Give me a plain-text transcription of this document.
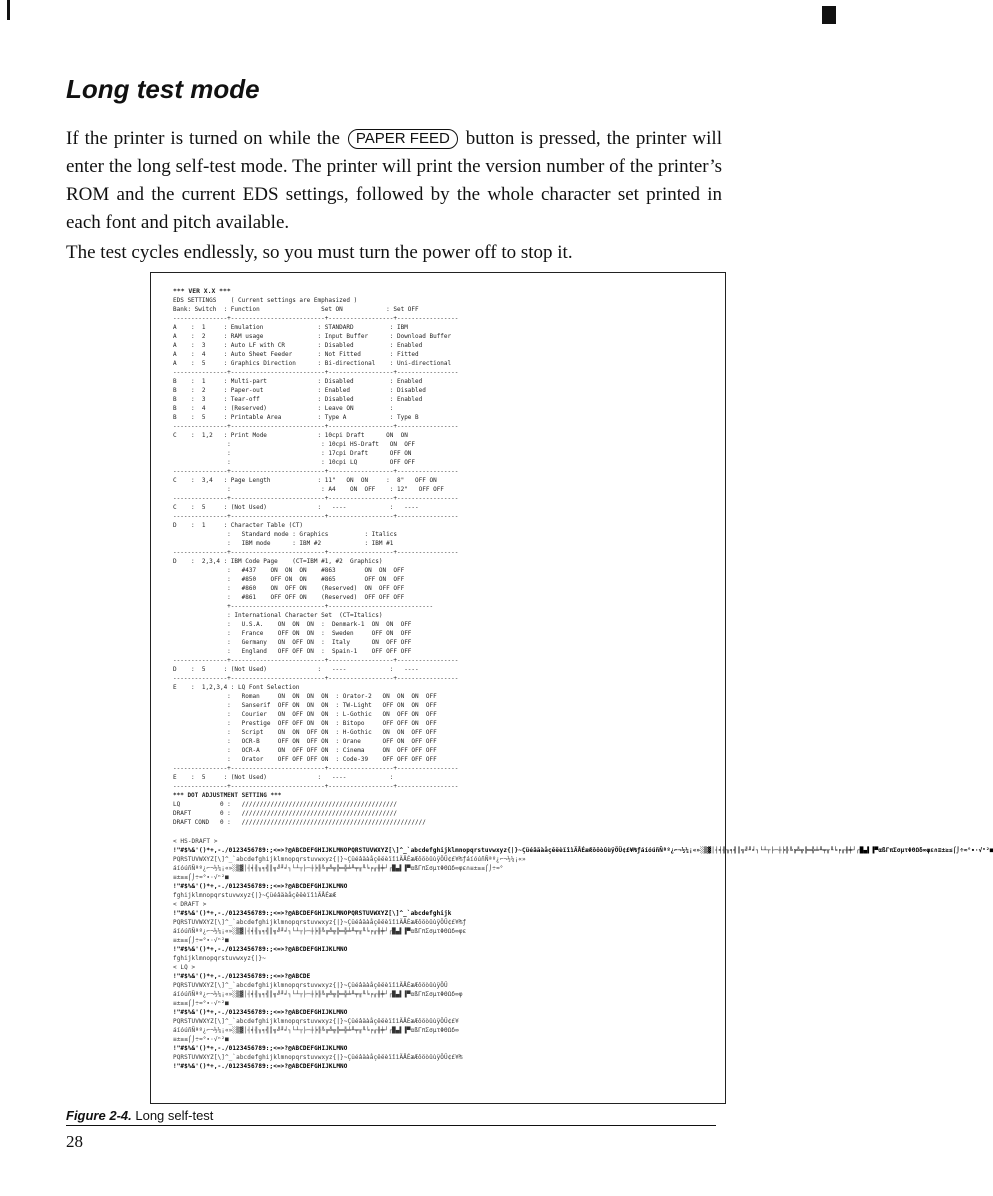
Long test mode

If the printer is turned on while the PAPER FEED button is pressed, the printer will enter the long self-test mode. The printer will print the version number of the printer’s ROM and the current EDS settings, followed by the whole character set printed in each font and pitch available.

The test cycles endlessly, so you must turn the power off to stop it.

*** VER X.X ***
EDS SETTINGS    ( Current settings are Emphasized )
Bank: Switch  : Function                 Set ON            : Set OFF
---------------+--------------------------+------------------+-----------------
A    :  1     : Emulation               : STANDARD          : IBM
A    :  2     : RAM usage               : Input Buffer      : Download Buffer
A    :  3     : Auto LF with CR         : Disabled          : Enabled
A    :  4     : Auto Sheet Feeder       : Not Fitted        : Fitted
A    :  5     : Graphics Direction      : Bi-directional    : Uni-directional
---------------+--------------------------+------------------+-----------------
B    :  1     : Multi-part              : Disabled          : Enabled
B    :  2     : Paper-out               : Enabled           : Disabled
B    :  3     : Tear-off                : Disabled          : Enabled
B    :  4     : (Reserved)              : Leave ON          :
B    :  5     : Printable Area          : Type A            : Type B
---------------+--------------------------+------------------+-----------------
C    :  1,2   : Print Mode              : 10cpi Draft      ON  ON
:                         : 10cpi HS-Draft   ON  OFF
:                         : 17cpi Draft      OFF ON
:                         : 10cpi LQ         OFF OFF
---------------+--------------------------+------------------+-----------------
C    :  3,4   : Page Length             : 11"   ON  ON     :  8"   OFF ON
:                         : A4    ON  OFF    : 12"   OFF OFF
---------------+--------------------------+------------------+-----------------
C    :  5     : (Not Used)              :   ----            :   ----
---------------+--------------------------+------------------+-----------------
D    :  1     : Character Table (CT)
:   Standard mode : Graphics          : Italics
:   IBM mode      : IBM #2            : IBM #1
---------------+--------------------------+------------------+-----------------
D    :  2,3,4 : IBM Code Page    (CT=IBM #1, #2  Graphics)
:   #437    ON  ON  ON    #863        ON  ON  OFF
:   #850    OFF ON  ON    #865        OFF ON  OFF
:   #860    ON  OFF ON    (Reserved)  ON  OFF OFF
:   #861    OFF OFF ON    (Reserved)  OFF OFF OFF
+--------------------------+-----------------------------
: International Character Set  (CT=Italics)
:   U.S.A.    ON  ON  ON  :  Denmark-1  ON  ON  OFF
:   France    OFF ON  ON  :  Sweden     OFF ON  OFF
:   Germany   ON  OFF ON  :  Italy      ON  OFF OFF
:   England   OFF OFF ON  :  Spain-1    OFF OFF OFF
---------------+--------------------------+------------------+-----------------
D    :  5     : (Not Used)              :   ----            :   ----
---------------+--------------------------+------------------+-----------------
E    :  1,2,3,4 : LQ Font Selection
:   Roman     ON  ON  ON  ON  : Orator-2   ON  ON  ON  OFF
:   Sanserif  OFF ON  ON  ON  : TW-Light   OFF ON  ON  OFF
:   Courier   ON  OFF ON  ON  : L-Gothic   ON  OFF ON  OFF
:   Prestige  OFF OFF ON  ON  : Bitopo     OFF OFF ON  OFF
:   Script    ON  ON  OFF ON  : H-Gothic   ON  ON  OFF OFF
:   OCR-B     OFF ON  OFF ON  : Orane      OFF ON  OFF OFF
:   OCR-A     ON  OFF OFF ON  : Cinema     ON  OFF OFF OFF
:   Orator    OFF OFF OFF ON  : Code-39    OFF OFF OFF OFF
---------------+--------------------------+------------------+-----------------
E    :  5     : (Not Used)              :   ----            :
---------------+--------------------------+------------------+-----------------
*** DOT ADJUSTMENT SETTING ***
LQ           0 :   ///////////////////////////////////////////
DRAFT        0 :   ///////////////////////////////////////////
DRAFT COND   0 :   ///////////////////////////////////////////////////
< HS-DRAFT >
!"#$%&'()*+,-./0123456789:;<=>?@ABCDEFGHIJKLMNOPQRSTUVWXYZ[\]^_`abcdefghijklmnopqrstuvwxyz{|}~ÇüéâäàåçêëèïîìÄÅÉæÆôöòûùÿÖÜ¢£¥₧ƒáíóúñÑªº¿⌐¬½¼¡«»░▒▓│┤╡╢╖╕╣║╗╝╜╛┐└┴┬├─┼╞╟╚╔╩╦╠═╬╧╨╤╥╙╘╒╓╫╪┘┌█▄▌▐▀αßΓπΣσµτΦΘΩδ∞φε∩≡±≥≤⌠⌡÷≈°∙·√ⁿ²■
PQRSTUVWXYZ[\]^_`abcdefghijklmnopqrstuvwxyz{|}~ÇüéâäàåçêëèïîìÄÅÉæÆôöòûùÿÖÜ¢£¥₧ƒáíóúñÑªº¿⌐¬½¼¡«»
áíóúñÑªº¿⌐¬½¼¡«»░▒▓│┤╡╢╖╕╣║╗╝╜╛┐└┴┬├─┼╞╟╚╔╩╦╠═╬╧╨╤╥╙╘╒╓╫╪┘┌█▄▌▐▀αßΓπΣσµτΦΘΩδ∞φε∩≡±≥≤⌠⌡÷≈°
≡±≥≤⌠⌡÷≈°∙·√ⁿ²■
!"#$%&'()*+,-./0123456789:;<=>?@ABCDEFGHIJKLMNO
fghijklmnopqrstuvwxyz{|}~ÇüéâäàåçêëèïîìÄÅÉæÆ
< DRAFT >
!"#$%&'()*+,-./0123456789:;<=>?@ABCDEFGHIJKLMNOPQRSTUVWXYZ[\]^_`abcdefghijk
PQRSTUVWXYZ[\]^_`abcdefghijklmnopqrstuvwxyz{|}~ÇüéâäàåçêëèïîìÄÅÉæÆôöòûùÿÖÜ¢£¥₧ƒ
áíóúñÑªº¿⌐¬½¼¡«»░▒▓│┤╡╢╖╕╣║╗╝╜╛┐└┴┬├─┼╞╟╚╔╩╦╠═╬╧╨╤╥╙╘╒╓╫╪┘┌█▄▌▐▀αßΓπΣσµτΦΘΩδ∞φε
≡±≥≤⌠⌡÷≈°∙·√ⁿ²■
!"#$%&'()*+,-./0123456789:;<=>?@ABCDEFGHIJKLMNO
fghijklmnopqrstuvwxyz{|}~
< LQ >
!"#$%&'()*+,-./0123456789:;<=>?@ABCDE
PQRSTUVWXYZ[\]^_`abcdefghijklmnopqrstuvwxyz{|}~ÇüéâäàåçêëèïîìÄÅÉæÆôöòûùÿÖÜ
áíóúñÑªº¿⌐¬½¼¡«»░▒▓│┤╡╢╖╕╣║╗╝╜╛┐└┴┬├─┼╞╟╚╔╩╦╠═╬╧╨╤╥╙╘╒╓╫╪┘┌█▄▌▐▀αßΓπΣσµτΦΘΩδ∞φ
≡±≥≤⌠⌡÷≈°∙·√ⁿ²■
!"#$%&'()*+,-./0123456789:;<=>?@ABCDEFGHIJKLMNO
PQRSTUVWXYZ[\]^_`abcdefghijklmnopqrstuvwxyz{|}~ÇüéâäàåçêëèïîìÄÅÉæÆôöòûùÿÖÜ¢£¥
áíóúñÑªº¿⌐¬½¼¡«»░▒▓│┤╡╢╖╕╣║╗╝╜╛┐└┴┬├─┼╞╟╚╔╩╦╠═╬╧╨╤╥╙╘╒╓╫╪┘┌█▄▌▐▀αßΓπΣσµτΦΘΩδ∞
≡±≥≤⌠⌡÷≈°∙·√ⁿ²■
!"#$%&'()*+,-./0123456789:;<=>?@ABCDEFGHIJKLMNO
PQRSTUVWXYZ[\]^_`abcdefghijklmnopqrstuvwxyz{|}~ÇüéâäàåçêëèïîìÄÅÉæÆôöòûùÿÖÜ¢£¥₧
!"#$%&'()*+,-./0123456789:;<=>?@ABCDEFGHIJKLMNO
Figure 2-4. Long self-test
28
